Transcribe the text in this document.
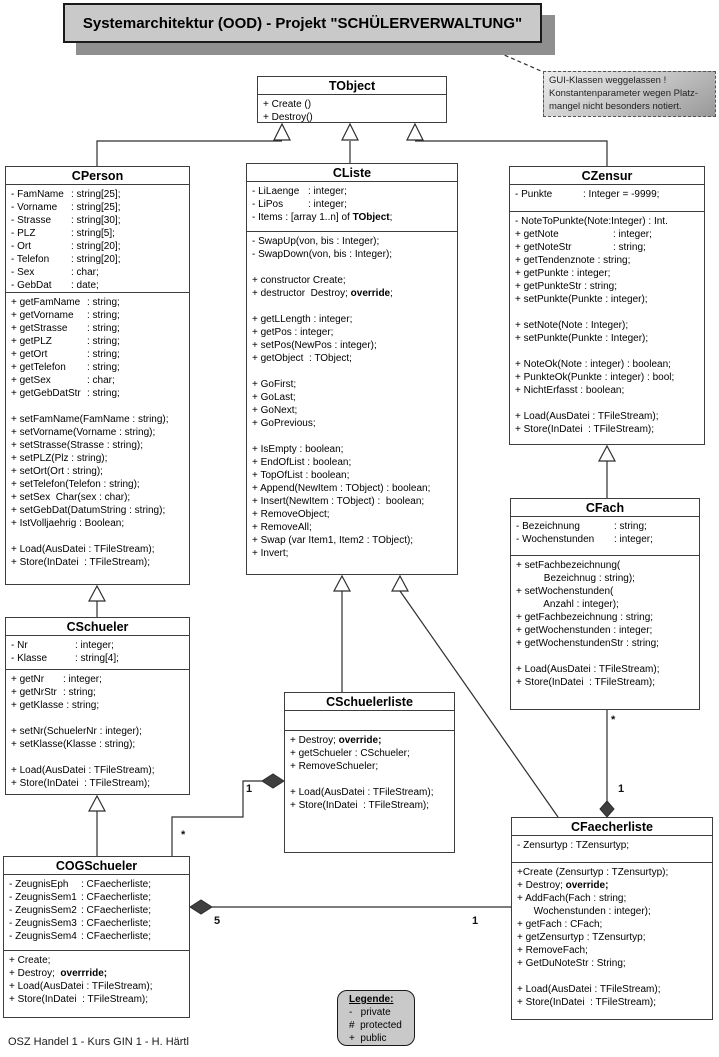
Systemarchitektur ( OOD ) - Projekt "SCHÜLERVERWALTUNG"
GUI-Klassen weggelassen !
Konstantenparameter wegen Platz-
mangel nicht besonders notiert.
TObject
+ Create ()
+ Destroy()
CPerson
- FamName : string[25];
- Vorname : string[25];
- Strasse : string[30];
- PLZ	: string[5];
- Ort	: string[20];
- Telefon : string[20];
- Sex	: char;
- GebDat : date;
+ getFamName : string;
+ getVorname : string;
+ getStrasse : string;
+ getPLZ	: string;
+ getOrt	: string;
+ getTelefon : string;
+ getSex	: char;
+ getGebDatStr : string;

+ setFamName(FamName : string);
+ setVorname(Vorname : string);
+ setStrasse(Strasse : string);
+ setPLZ(Plz : string);
+ setOrt(Ort : string);
+ setTelefon(Telefon : string);
+ setSex  Char(sex : char);
+ setGebDat(DatumString : string);
+ IstVolljaehrig : Boolean;

+ Load(AusDatei : TFileStream);
+ Store(InDatei  : TFileStream);
CListe
- LiLaenge : integer;
- LiPos : integer;
- Items : [array 1..n] of TObject;
- SwapUp(von, bis : Integer);
- SwapDown(von, bis : Integer);

+ constructor Create;
+ destructor  Destroy; override;

+ getLLength : integer;
+ getPos : integer;
+ setPos(NewPos : integer);
+ getObject  : TObject;

+ GoFirst;
+ GoLast;
+ GoNext;
+ GoPrevious;

+ IsEmpty : boolean;
+ EndOfList : boolean;
+ TopOfList : boolean;
+ Append(NewItem : TObject) : boolean;
+ Insert(NewItem : TObject) :  boolean;
+ RemoveObject;
+ RemoveAll;
+ Swap (var Item1, Item2 : TObject);
+ Invert;
CZensur
- Punkte	: Integer = -9999;
- NoteToPunkte(Note:Integer) : Int.
+ getNote	: integer;
+ getNoteStr	: string;
+ getTendenznote : string;
+ getPunkte : integer;
+ getPunkteStr : string;
+ setPunkte(Punkte : integer);

+ setNote(Note : Integer);
+ setPunkte(Punkte : Integer);

+ NoteOk(Note : integer) : boolean;
+ PunkteOk(Punkte : integer) : bool;
+ NichtErfasst : boolean;

+ Load(AusDatei : TFileStream);
+ Store(InDatei  : TFileStream);
CFach
- Bezeichnung	: string;
- Wochenstunden : integer;
+ setFachbezeichnung(
Bezeichnug : string);
+ setWochenstunden(
Anzahl : integer);
+ getFachbezeichnung : string;
+ getWochenstunden : integer;
+ getWochenstundenStr : string;

+ Load(AusDatei : TFileStream);
+ Store(InDatei  : TFileStream);
CSchueler
- Nr	: integer;
- Klasse	: string[4];
+ getNr : integer;
+ getNrStr : string;
+ getKlasse : string;

+ setNr(SchuelerNr : integer);
+ setKlasse(Klasse : string);

+ Load(AusDatei : TFileStream);
+ Store(InDatei  : TFileStream);
CSchuelerliste
+ Destroy; override;
+ getSchueler : CSchueler;
+ RemoveSchueler;

+ Load(AusDatei : TFileStream);
+ Store(InDatei  : TFileStream);
COGSchueler
- ZeugnisEph : CFaecherliste;
- ZeugnisSem1 : CFaecherliste;
- ZeugnisSem2 : CFaecherliste;
- ZeugnisSem3 : CFaecherliste;
- ZeugnisSem4 : CFaecherliste;
+ Create;
+ Destroy;  overrride;
+ Load(AusDatei : TFileStream);
+ Store(InDatei  : TFileStream);
CFaecherliste
- Zensurtyp : TZensurtyp;
+Create (Zensurtyp : TZensurtyp);
+ Destroy; override;
+ AddFach(Fach : string;
Wochenstunden : integer);
+ getFach : CFach;
+ getZensurtyp : TZensurtyp;
+ RemoveFach;
+ GetDuNoteStr : String;

+ Load(AusDatei : TFileStream);
+ Store(InDatei  : TFileStream);
1
*
5	1
1
*
Legende:
-   private
#  protected
+  public
OSZ Handel 1 - Kurs GIN 1 - H. Härtl
